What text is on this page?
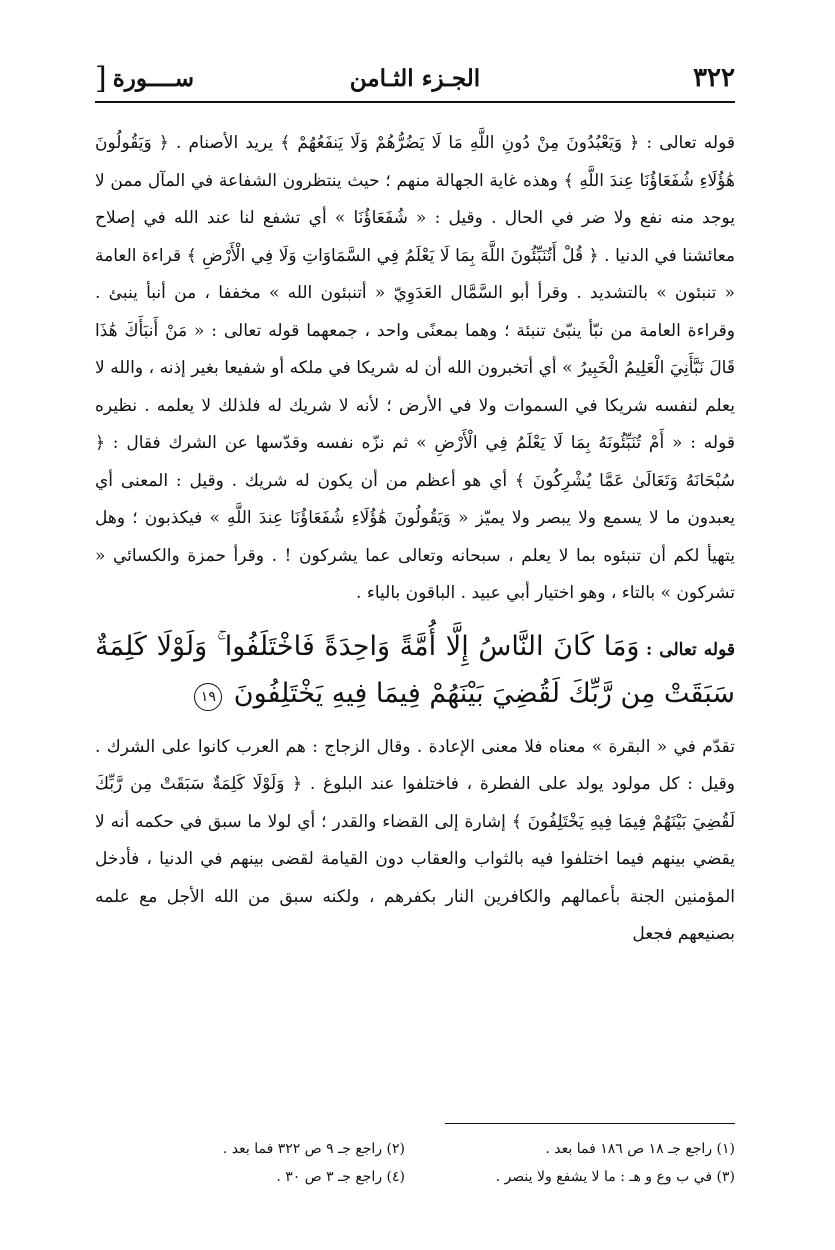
٣٢٢
الجـزء الثـامن
ســــورة
[

قوله تعالى : ﴿ وَيَعْبُدُونَ مِنْ دُونِ اللَّهِ مَا لَا يَضُرُّهُمْ وَلَا يَنفَعُهُمْ ﴾ يريد الأصنام . ﴿ وَيَقُولُونَ هَٰؤُلَاءِ شُفَعَاؤُنَا عِندَ اللَّهِ ﴾ وهذه غاية الجهالة منهم ؛ حيث ينتظرون الشفاعة في المآل ممن لا يوجد منه نفع ولا ضر في الحال . وقيل : « شُفَعَاؤُنَا » أي تشفع لنا عند الله في إصلاح معائشنا في الدنيا . ﴿ قُلْ أَتُنَبِّئُونَ اللَّهَ بِمَا لَا يَعْلَمُ فِي السَّمَاوَاتِ وَلَا فِي الْأَرْضِ ﴾ قراءة العامة « تنبئون » بالتشديد . وقرأ أبو السَّمَّال العَدَوِيّ « أتنبئون الله » مخففا ، من أنبأ ينبئ . وقراءة العامة من نبّأ ينبّئ تنبئة ؛ وهما بمعنًى واحد ، جمعهما قوله تعالى : « مَنْ أَنبَأَكَ هَٰذَا قَالَ نَبَّأَنِيَ الْعَلِيمُ الْخَبِيرُ » أي أتخبرون الله أن له شريكا في ملكه أو شفيعا بغير إذنه ، والله لا يعلم لنفسه شريكا في السموات ولا في الأرض ؛ لأنه لا شريك له فلذلك لا يعلمه . نظيره قوله : « أَمْ تُنَبِّئُونَهُ بِمَا لَا يَعْلَمُ فِي الْأَرْضِ » ثم نزّه نفسه وقدّسها عن الشرك فقال : ﴿ سُبْحَانَهُ وَتَعَالَىٰ عَمَّا يُشْرِكُونَ ﴾ أي هو أعظم من أن يكون له شريك . وقيل : المعنى أي يعبدون ما لا يسمع ولا يبصر ولا يميّز « وَيَقُولُونَ هَٰؤُلَاءِ شُفَعَاؤُنَا عِندَ اللَّهِ » فيكذبون ؛ وهل يتهيأ لكم أن تنبئوه بما لا يعلم ، سبحانه وتعالى عما يشركون ! . وقرأ حمزة والكسائي « تشركون » بالتاء ، وهو اختيار أبي عبيد . الباقون بالياء .

قوله تعالى : وَمَا كَانَ النَّاسُ إِلَّا أُمَّةً وَاحِدَةً فَاخْتَلَفُوا ۚ وَلَوْلَا كَلِمَةٌ سَبَقَتْ مِن رَّبِّكَ لَقُضِيَ بَيْنَهُمْ فِيمَا فِيهِ يَخْتَلِفُونَ ١٩

تقدّم في « البقرة » معناه فلا معنى الإعادة . وقال الزجاج : هم العرب كانوا على الشرك . وقيل : كل مولود يولد على الفطرة ، فاختلفوا عند البلوغ . ﴿ وَلَوْلَا كَلِمَةٌ سَبَقَتْ مِن رَّبِّكَ لَقُضِيَ بَيْنَهُمْ فِيمَا فِيهِ يَخْتَلِفُونَ ﴾ إشارة إلى القضاء والقدر ؛ أي لولا ما سبق في حكمه أنه لا يقضي بينهم فيما اختلفوا فيه بالثواب والعقاب دون القيامة لقضى بينهم في الدنيا ، فأدخل المؤمنين الجنة بأعمالهم والكافرين النار بكفرهم ، ولكنه سبق من الله الأجل مع علمه بصنيعهم فجعل

(١) راجع جـ ١٨ ص ١٨٦ فما بعد .
(٢) راجع جـ ٩ ص ٣٢٢ فما بعد .
(٣) في ب وع و هـ : ما لا يشفع ولا ينصر .
(٤) راجع جـ ٣ ص ٣٠ .
